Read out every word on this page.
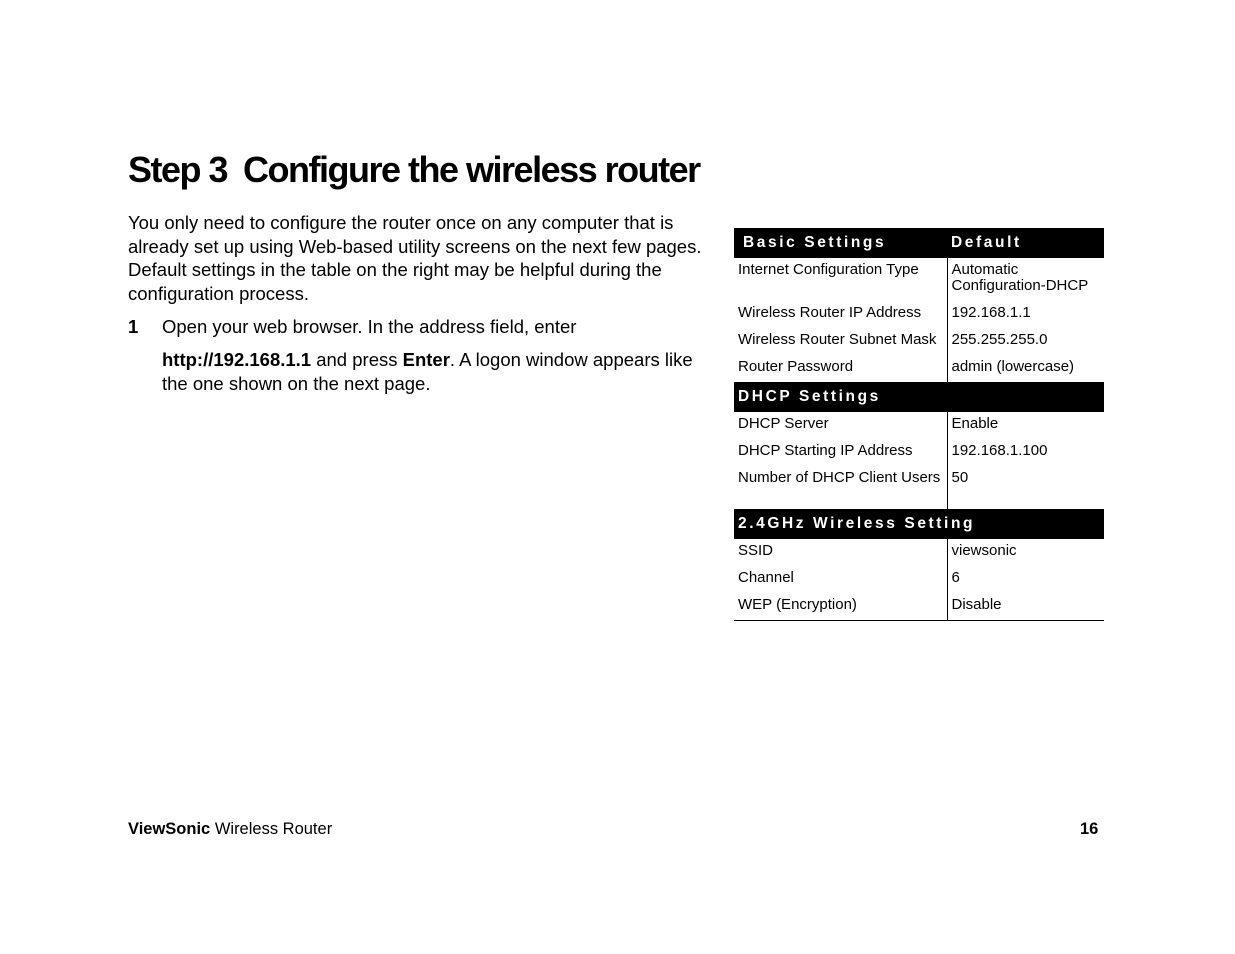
Step 3 Configure the wireless router

You only need to configure the router once on any computer that is already set up using Web-based utility screens on the next few pages. Default settings in the table on the right may be helpful during the configuration process.

1 Open your web browser. In the address field, enter

http://192.168.1.1 and press Enter. A logon window appears like the one shown on the next page.

Basic Settings	Default
Internet Configuration Type	Automatic Configuration-DHCP
Wireless Router IP Address	192.168.1.1
Wireless Router Subnet Mask	255.255.255.0
Router Password	admin (lowercase)
DHCP Settings	
DHCP Server	Enable
DHCP Starting IP Address	192.168.1.100
Number of DHCP Client Users	50
2.4GHz Wireless Setting	
SSID	viewsonic
Channel	6
WEP (Encryption)	Disable
ViewSonic Wireless Router	16
